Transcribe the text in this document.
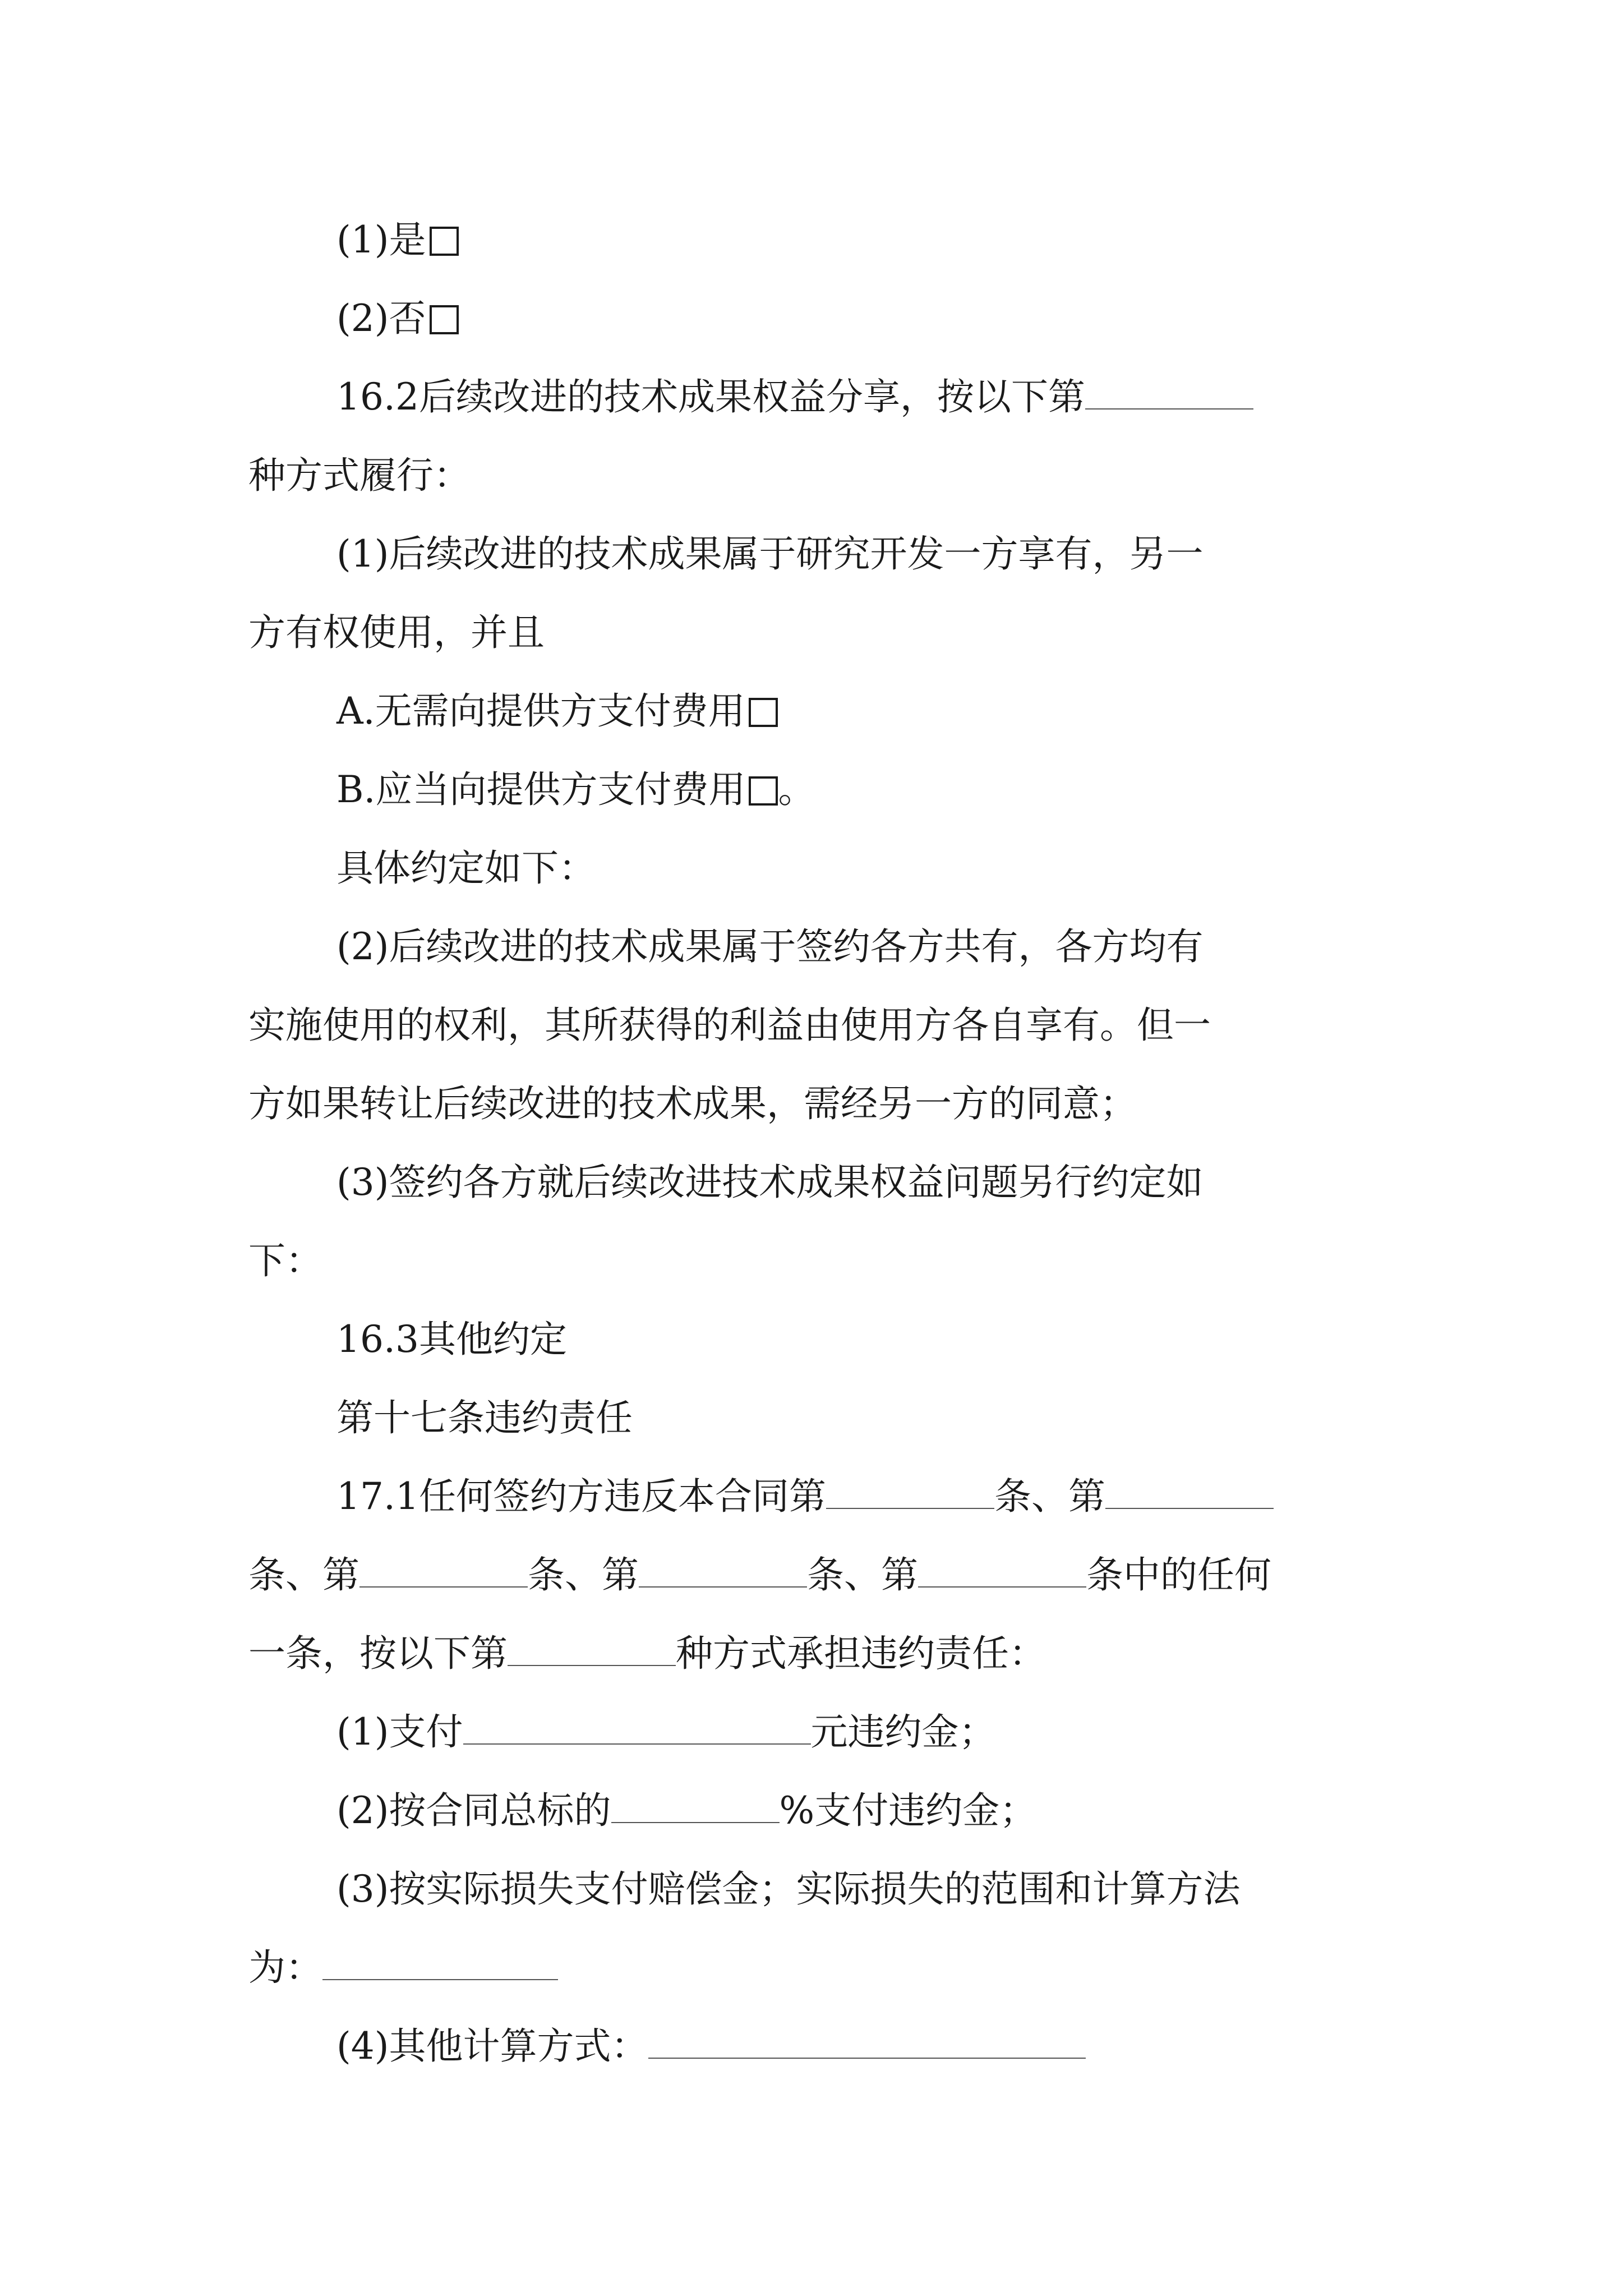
(1)是
(2)否
16.2后续改进的技术成果权益分享，按以下第
种方式履行：
(1)后续改进的技术成果属于研究开发一方享有，另一
方有权使用，并且
A.无需向提供方支付费用
B.应当向提供方支付费用 。
具体约定如下：
(2)后续改进的技术成果属于签约各方共有，各方均有
实施使用的权利，其所获得的利益由使用方各自享有。但一
方如果转让后续改进的技术成果，需经另一方的同意；
(3)签约各方就后续改进技术成果权益问题另行约定如
下：
16.3其他约定
第十七条违约责任
17.1任何签约方违反本合同第	条、第
条、第	条、第	条、第	条中的任何
一条，按以下第	种方式承担违约责任：
(1)支付	元违约金；
(2)按合同总标的	%支付违约金；
(3)按实际损失支付赔偿金；实际损失的范围和计算方法
为：
(4)其他计算方式：
